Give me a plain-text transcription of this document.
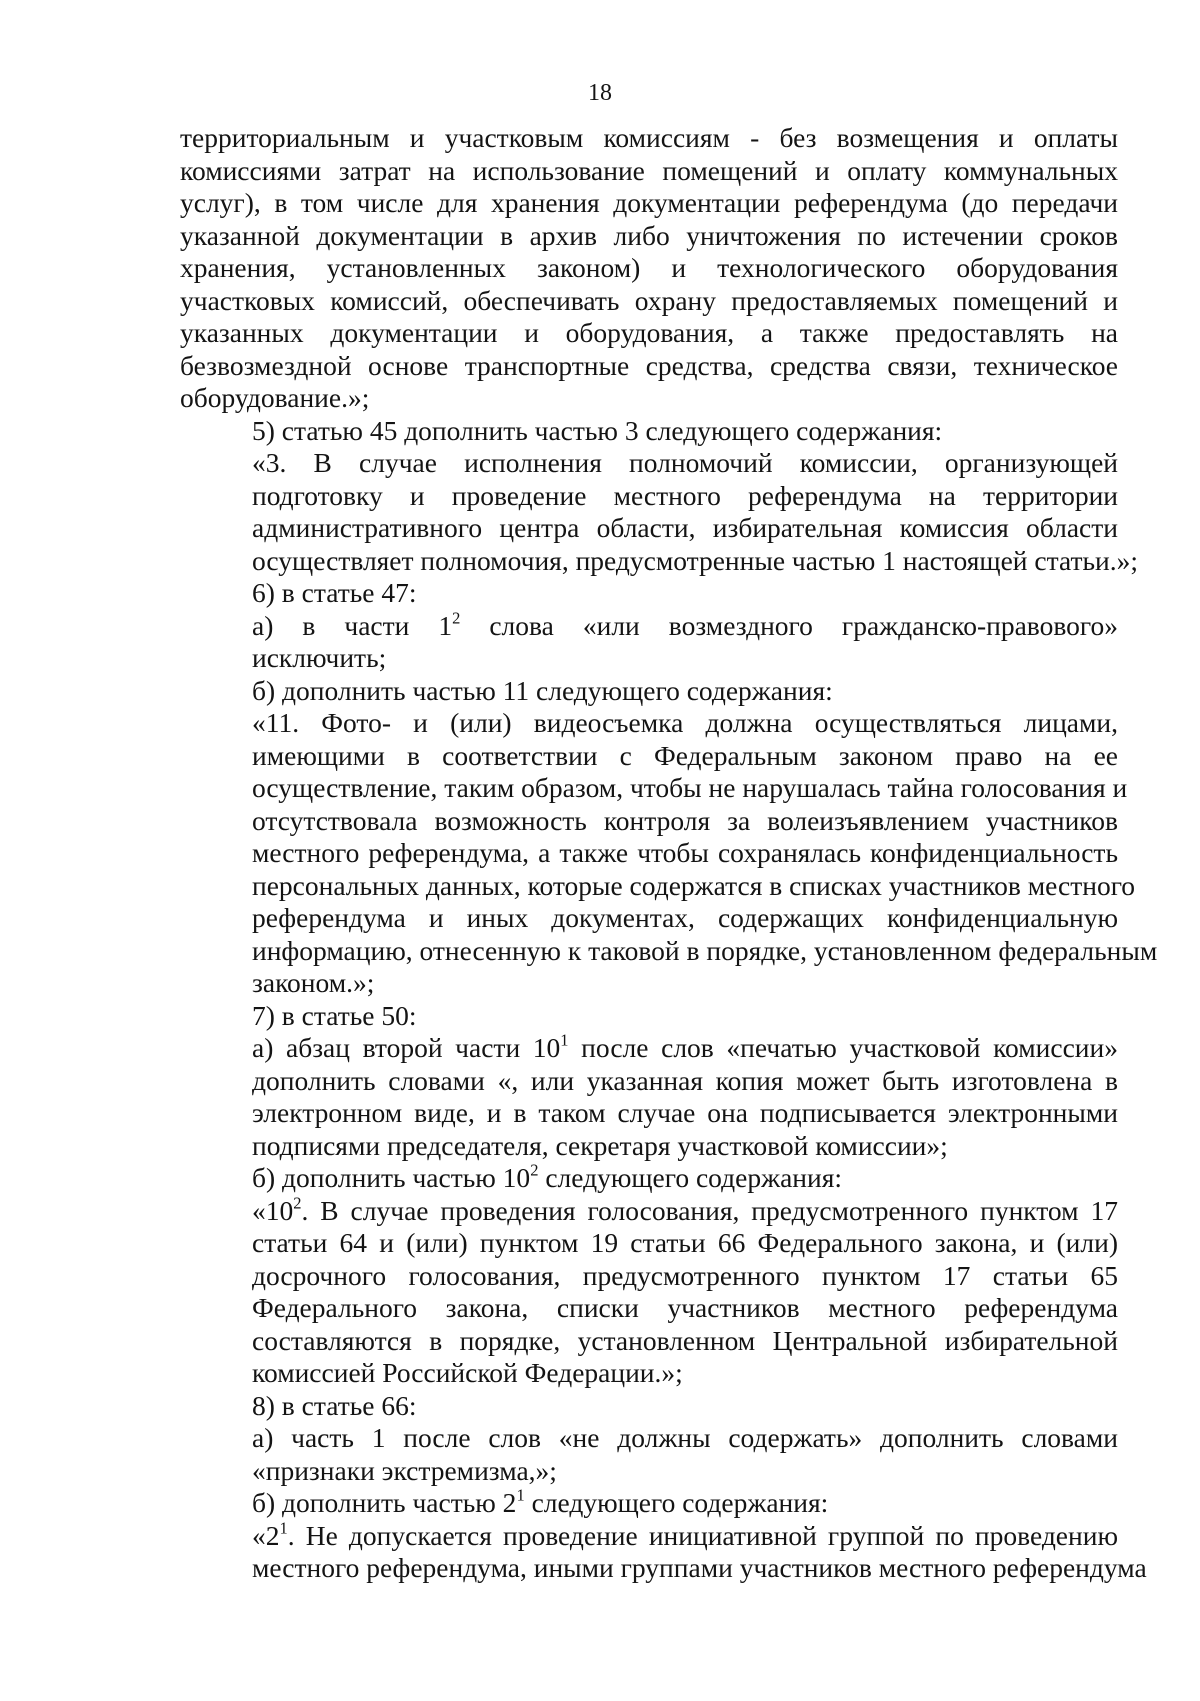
18
территориальным и участковым комиссиям - без возмещения и оплаты
комиссиями затрат на использование помещений и оплату коммунальных
услуг), в том числе для хранения документации референдума (до передачи
указанной документации в архив либо уничтожения по истечении сроков
хранения, установленных законом) и технологического оборудования
участковых комиссий, обеспечивать охрану предоставляемых помещений и
указанных документации и оборудования, а также предоставлять на
безвозмездной основе транспортные средства, средства связи, техническое
оборудование.»;
5) статью 45 дополнить частью 3 следующего содержания:
«3. В случае исполнения полномочий комиссии, организующей
подготовку и проведение местного референдума на территории
административного центра области, избирательная комиссия области
осуществляет полномочия, предусмотренные частью 1 настоящей статьи.»;
6) в статье 47:
а) в части $1^2$ слова «или возмездного гражданско-правового»
исключить;
б) дополнить частью 11 следующего содержания:
«11. Фото- и (или) видеосъемка должна осуществляться лицами,
имеющими в соответствии с Федеральным законом право на ее
осуществление, таким образом, чтобы не нарушалась тайна голосования и
отсутствовала возможность контроля за волеизъявлением участников
местного референдума, а также чтобы сохранялась конфиденциальность
персональных данных, которые содержатся в списках участников местного
референдума и иных документах, содержащих конфиденциальную
информацию, отнесенную к таковой в порядке, установленном федеральным
законом.»;
7) в статье 50:
а) абзац второй части $10^1$ после слов «печатью участковой комиссии»
дополнить словами «, или указанная копия может быть изготовлена в
электронном виде, и в таком случае она подписывается электронными
подписями председателя, секретаря участковой комиссии»;
б) дополнить частью $10^2$ следующего содержания:
«$10^2$. В случае проведения голосования, предусмотренного пунктом 17
статьи 64 и (или) пунктом 19 статьи 66 Федерального закона, и (или)
досрочного голосования, предусмотренного пунктом 17 статьи 65
Федерального закона, списки участников местного референдума
составляются в порядке, установленном Центральной избирательной
комиссией Российской Федерации.»;
8) в статье 66:
а) часть 1 после слов «не должны содержать» дополнить словами
«признаки экстремизма,»;
б) дополнить частью $2^1$ следующего содержания:
«$2^1$. Не допускается проведение инициативной группой по проведению
местного референдума, иными группами участников местного референдума
